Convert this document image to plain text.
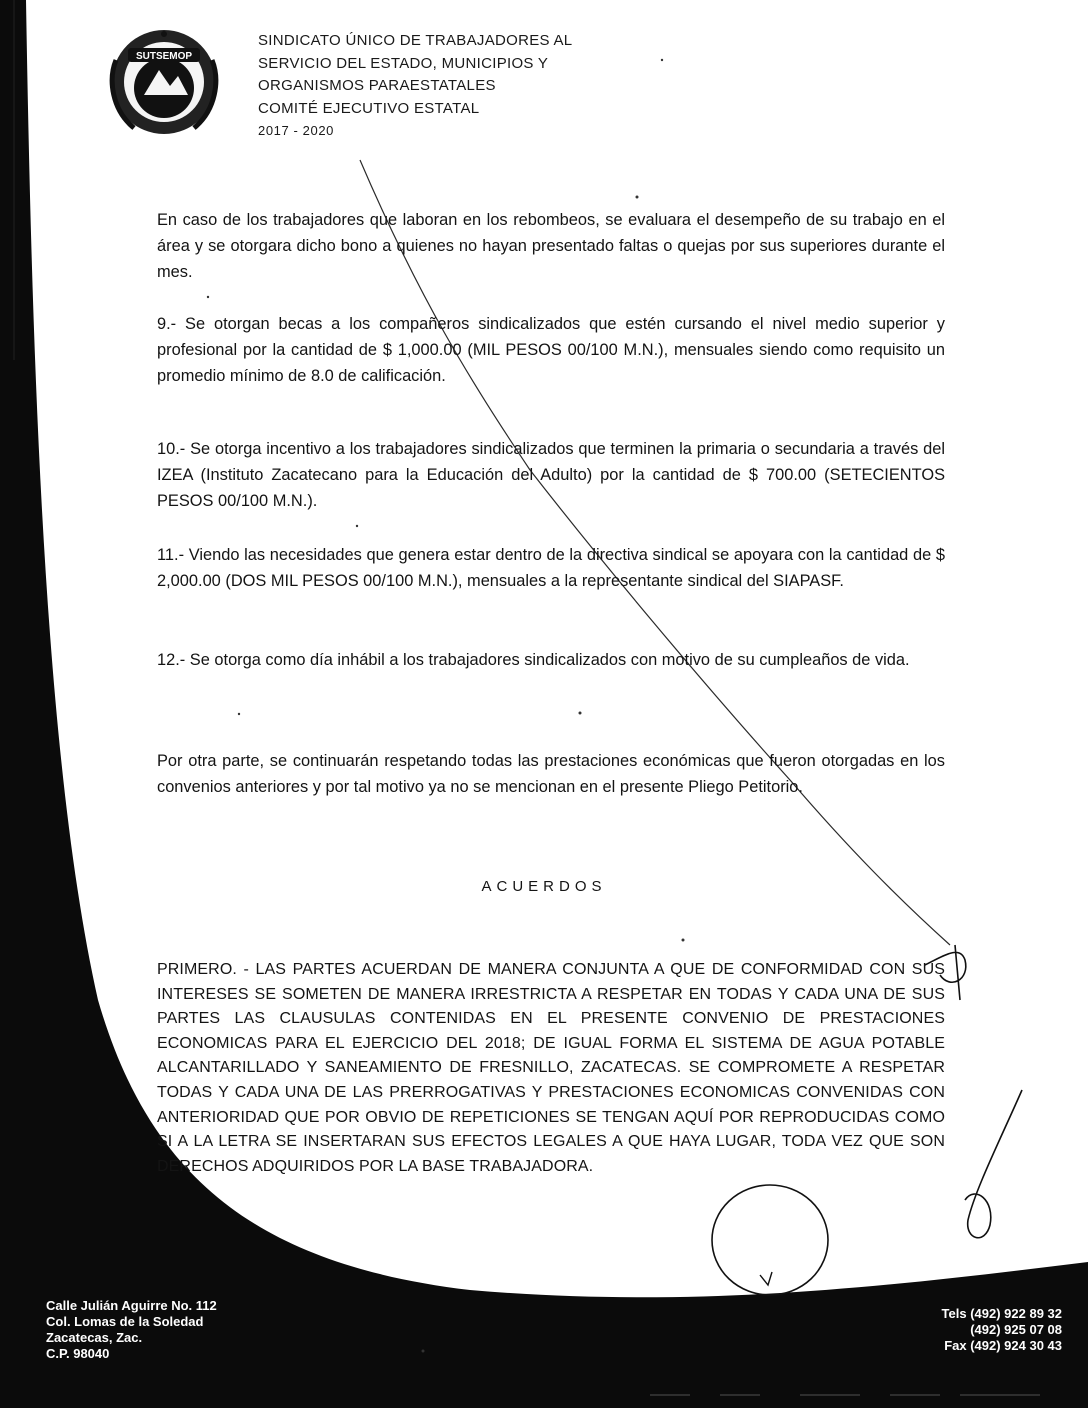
SUTSEMOP
SINDICATO ÚNICO DE TRABAJADORES AL
SERVICIO DEL ESTADO, MUNICIPIOS Y
ORGANISMOS PARAESTATALES
COMITÉ EJECUTIVO ESTATAL
2017 - 2020
En caso de los trabajadores que laboran en los rebombeos, se evaluara el desempeño de su trabajo en el área y se otorgara dicho bono a quienes no hayan presentado faltas o quejas por sus superiores durante el mes.
9.- Se otorgan becas a los compañeros sindicalizados que estén cursando el nivel medio superior y profesional por la cantidad de $ 1,000.00 (MIL PESOS 00/100 M.N.), mensuales siendo como requisito un promedio mínimo de 8.0 de calificación.
10.- Se otorga incentivo a los trabajadores sindicalizados que terminen la primaria o secundaria a través del IZEA (Instituto Zacatecano para la Educación del Adulto) por la cantidad de $ 700.00 (SETECIENTOS PESOS 00/100 M.N.).
11.- Viendo las necesidades que genera estar dentro de la directiva sindical se apoyara con la cantidad de $ 2,000.00 (DOS MIL PESOS 00/100 M.N.), mensuales a la representante sindical del SIAPASF.
12.- Se otorga como día inhábil a los trabajadores sindicalizados con motivo de su cumpleaños de vida.
Por otra parte, se continuarán respetando todas las prestaciones económicas que fueron otorgadas en los convenios anteriores y por tal motivo ya no se mencionan en el presente Pliego Petitorio.
ACUERDOS
PRIMERO. - LAS PARTES ACUERDAN DE MANERA CONJUNTA A QUE DE CONFORMIDAD CON SUS INTERESES SE SOMETEN DE MANERA IRRESTRICTA A RESPETAR EN TODAS Y CADA UNA DE SUS PARTES LAS CLAUSULAS CONTENIDAS EN EL PRESENTE CONVENIO DE PRESTACIONES ECONOMICAS PARA EL EJERCICIO DEL 2018; DE IGUAL FORMA EL SISTEMA DE AGUA POTABLE ALCANTARILLADO Y SANEAMIENTO DE FRESNILLO, ZACATECAS. SE COMPROMETE A RESPETAR TODAS Y CADA UNA DE LAS PRERROGATIVAS Y PRESTACIONES ECONOMICAS CONVENIDAS CON ANTERIORIDAD QUE POR OBVIO DE REPETICIONES SE TENGAN AQUÍ POR REPRODUCIDAS COMO SI A LA LETRA SE INSERTARAN SUS EFECTOS LEGALES A QUE HAYA LUGAR, TODA VEZ QUE SON DERECHOS ADQUIRIDOS POR LA BASE TRABAJADORA.
Calle Julián Aguirre No. 112
Col. Lomas de la Soledad
Zacatecas, Zac.
C.P. 98040
Tels (492) 922 89 32
(492) 925 07 08
Fax (492) 924 30 43
